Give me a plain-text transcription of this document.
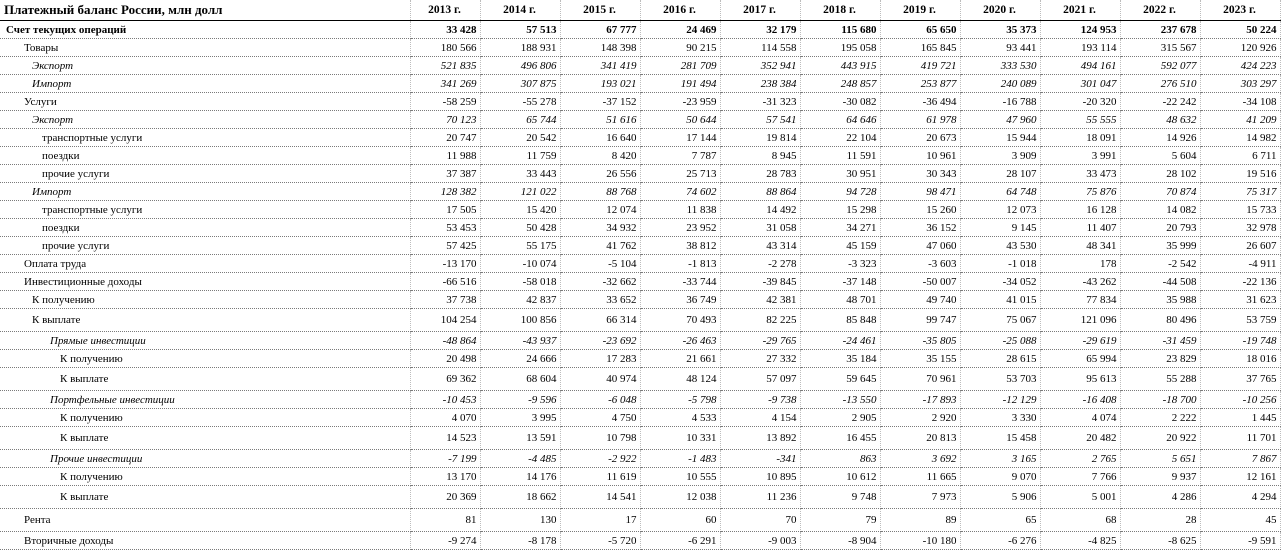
Платежный баланс России, млн долл	2013 г.	2014 г.	2015 г.	2016 г.	2017 г.	2018 г.	2019 г.	2020 г.	2021 г.	2022 г.	2023 г.
Счет текущих операций	33 428	57 513	67 777	24 469	32 179	115 680	65 650	35 373	124 953	237 678	50 224
Товары	180 566	188 931	148 398	90 215	114 558	195 058	165 845	93 441	193 114	315 567	120 926
Экспорт	521 835	496 806	341 419	281 709	352 941	443 915	419 721	333 530	494 161	592 077	424 223
Импорт	341 269	307 875	193 021	191 494	238 384	248 857	253 877	240 089	301 047	276 510	303 297
Услуги	-58 259	-55 278	-37 152	-23 959	-31 323	-30 082	-36 494	-16 788	-20 320	-22 242	-34 108
Экспорт	70 123	65 744	51 616	50 644	57 541	64 646	61 978	47 960	55 555	48 632	41 209
транспортные услуги	20 747	20 542	16 640	17 144	19 814	22 104	20 673	15 944	18 091	14 926	14 982
поездки	11 988	11 759	8 420	7 787	8 945	11 591	10 961	3 909	3 991	5 604	6 711
прочие услуги	37 387	33 443	26 556	25 713	28 783	30 951	30 343	28 107	33 473	28 102	19 516
Импорт	128 382	121 022	88 768	74 602	88 864	94 728	98 471	64 748	75 876	70 874	75 317
транспортные услуги	17 505	15 420	12 074	11 838	14 492	15 298	15 260	12 073	16 128	14 082	15 733
поездки	53 453	50 428	34 932	23 952	31 058	34 271	36 152	9 145	11 407	20 793	32 978
прочие услуги	57 425	55 175	41 762	38 812	43 314	45 159	47 060	43 530	48 341	35 999	26 607
Оплата труда	-13 170	-10 074	-5 104	-1 813	-2 278	-3 323	-3 603	-1 018	178	-2 542	-4 911
Инвестиционные доходы	-66 516	-58 018	-32 662	-33 744	-39 845	-37 148	-50 007	-34 052	-43 262	-44 508	-22 136
К получению	37 738	42 837	33 652	36 749	42 381	48 701	49 740	41 015	77 834	35 988	31 623
К выплате	104 254	100 856	66 314	70 493	82 225	85 848	99 747	75 067	121 096	80 496	53 759
Прямые инвестиции	-48 864	-43 937	-23 692	-26 463	-29 765	-24 461	-35 805	-25 088	-29 619	-31 459	-19 748
К получению	20 498	24 666	17 283	21 661	27 332	35 184	35 155	28 615	65 994	23 829	18 016
К выплате	69 362	68 604	40 974	48 124	57 097	59 645	70 961	53 703	95 613	55 288	37 765
Портфельные инвестиции	-10 453	-9 596	-6 048	-5 798	-9 738	-13 550	-17 893	-12 129	-16 408	-18 700	-10 256
К получению	4 070	3 995	4 750	4 533	4 154	2 905	2 920	3 330	4 074	2 222	1 445
К выплате	14 523	13 591	10 798	10 331	13 892	16 455	20 813	15 458	20 482	20 922	11 701
Прочие инвестиции	-7 199	-4 485	-2 922	-1 483	-341	863	3 692	3 165	2 765	5 651	7 867
К получению	13 170	14 176	11 619	10 555	10 895	10 612	11 665	9 070	7 766	9 937	12 161
К выплате	20 369	18 662	14 541	12 038	11 236	9 748	7 973	5 906	5 001	4 286	4 294
Рента	81	130	17	60	70	79	89	65	68	28	45
Вторичные доходы	-9 274	-8 178	-5 720	-6 291	-9 003	-8 904	-10 180	-6 276	-4 825	-8 625	-9 591
